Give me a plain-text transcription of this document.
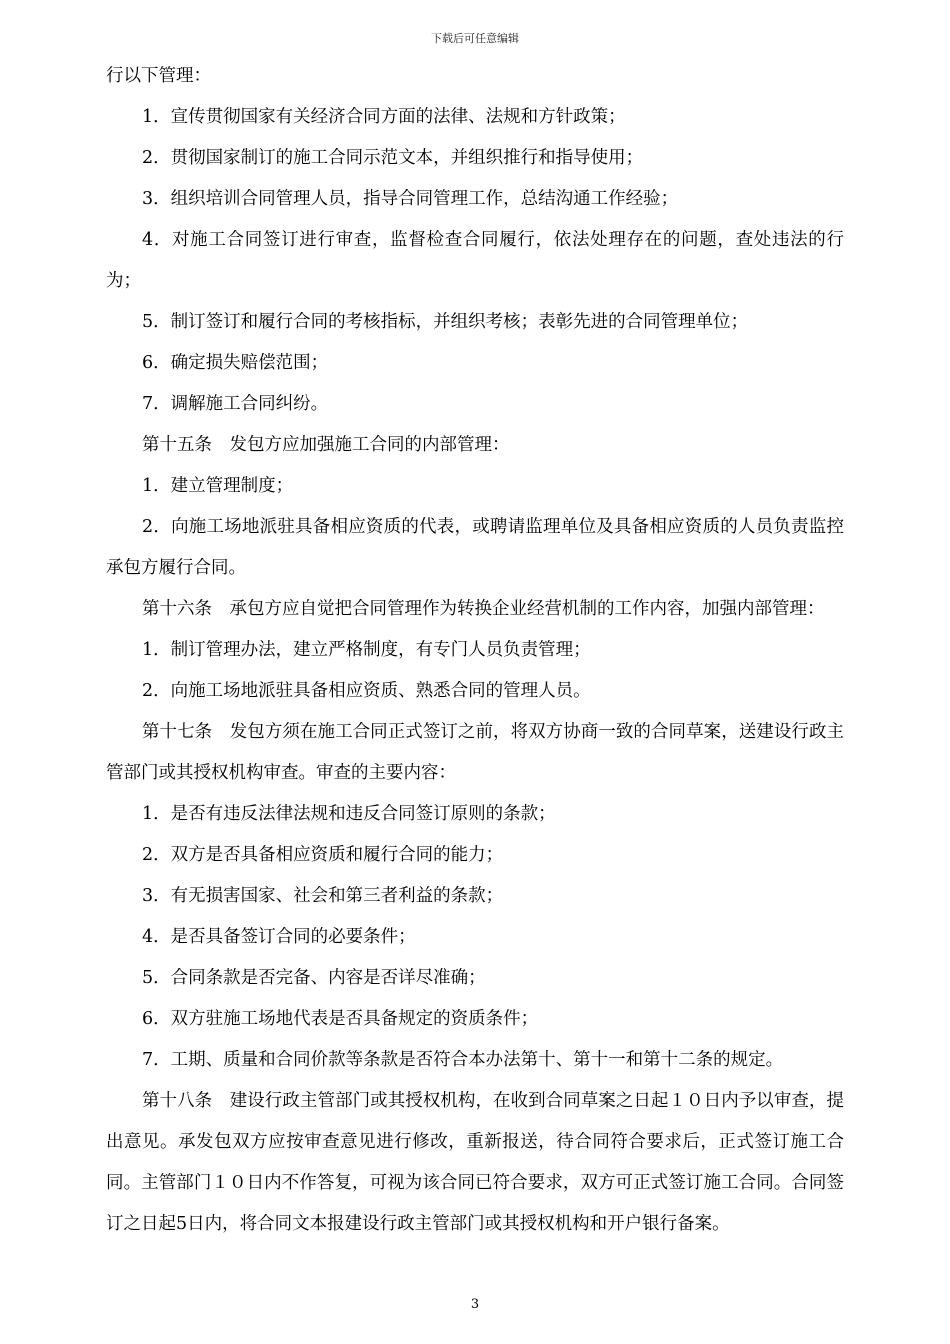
下载后可任意编辑

行以下管理：

1．宣传贯彻国家有关经济合同方面的法律、法规和方针政策；

2．贯彻国家制订的施工合同示范文本，并组织推行和指导使用；

3．组织培训合同管理人员，指导合同管理工作，总结沟通工作经验；

4．对施工合同签订进行审查，监督检查合同履行，依法处理存在的问题，查处违法的行为；

5．制订签订和履行合同的考核指标，并组织考核；表彰先进的合同管理单位；

6．确定损失赔偿范围；

7．调解施工合同纠纷。

第十五条　发包方应加强施工合同的内部管理：

1．建立管理制度；

2．向施工场地派驻具备相应资质的代表，或聘请监理单位及具备相应资质的人员负责监控承包方履行合同。

第十六条　承包方应自觉把合同管理作为转换企业经营机制的工作内容，加强内部管理：

1．制订管理办法，建立严格制度，有专门人员负责管理；

2．向施工场地派驻具备相应资质、熟悉合同的管理人员。

第十七条　发包方须在施工合同正式签订之前，将双方协商一致的合同草案，送建设行政主管部门或其授权机构审查。审查的主要内容：

1．是否有违反法律法规和违反合同签订原则的条款；

2．双方是否具备相应资质和履行合同的能力；

3．有无损害国家、社会和第三者利益的条款；

4．是否具备签订合同的必要条件；

5．合同条款是否完备、内容是否详尽准确；

6．双方驻施工场地代表是否具备规定的资质条件；

7．工期、质量和合同价款等条款是否符合本办法第十、第十一和第十二条的规定。

第十八条　建设行政主管部门或其授权机构，在收到合同草案之日起１０日内予以审查，提出意见。承发包双方应按审查意见进行修改，重新报送，待合同符合要求后，正式签订施工合同。主管部门１０日内不作答复，可视为该合同已符合要求，双方可正式签订施工合同。合同签订之日起5日内，将合同文本报建设行政主管部门或其授权机构和开户银行备案。

3
